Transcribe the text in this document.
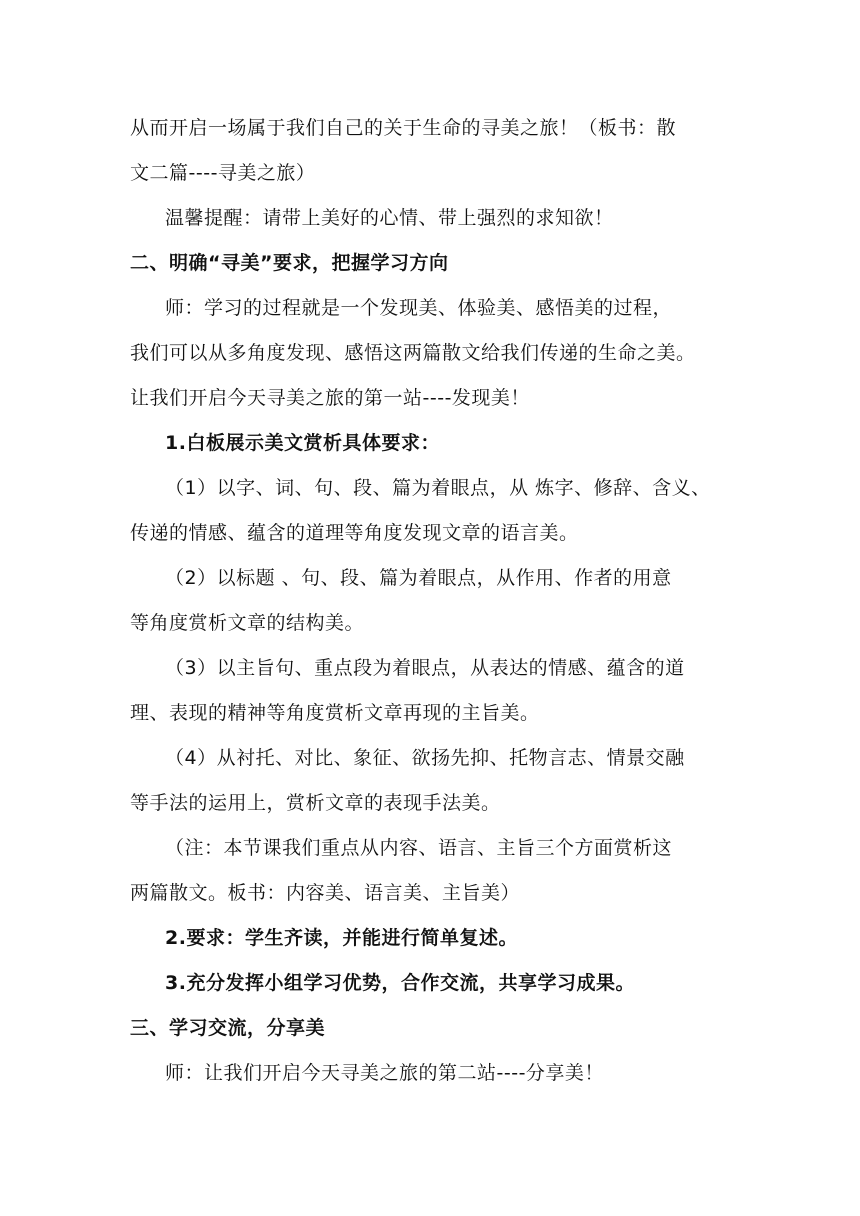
从而开启一场属于我们自己的关于生命的寻美之旅！（板书：散
文二篇----寻美之旅）
温馨提醒：请带上美好的心情、带上强烈的求知欲！
二、明确“寻美”要求，把握学习方向
师：学习的过程就是一个发现美、体验美、感悟美的过程，
我们可以从多角度发现、感悟这两篇散文给我们传递的生命之美。
让我们开启今天寻美之旅的第一站----发现美！
1.白板展示美文赏析具体要求：
（1）以字、词、句、段、篇为着眼点，从 炼字、修辞、含义、
传递的情感、蕴含的道理等角度发现文章的语言美。
（2）以标题 、句、段、篇为着眼点，从作用、作者的用意
等角度赏析文章的结构美。
（3）以主旨句、重点段为着眼点，从表达的情感、蕴含的道
理、表现的精神等角度赏析文章再现的主旨美。
（4）从衬托、对比、象征、欲扬先抑、托物言志、情景交融
等手法的运用上，赏析文章的表现手法美。
（注：本节课我们重点从内容、语言、主旨三个方面赏析这
两篇散文。板书：内容美、语言美、主旨美）
2.要求：学生齐读，并能进行简单复述。
3.充分发挥小组学习优势，合作交流，共享学习成果。
三、学习交流，分享美
师：让我们开启今天寻美之旅的第二站----分享美！
